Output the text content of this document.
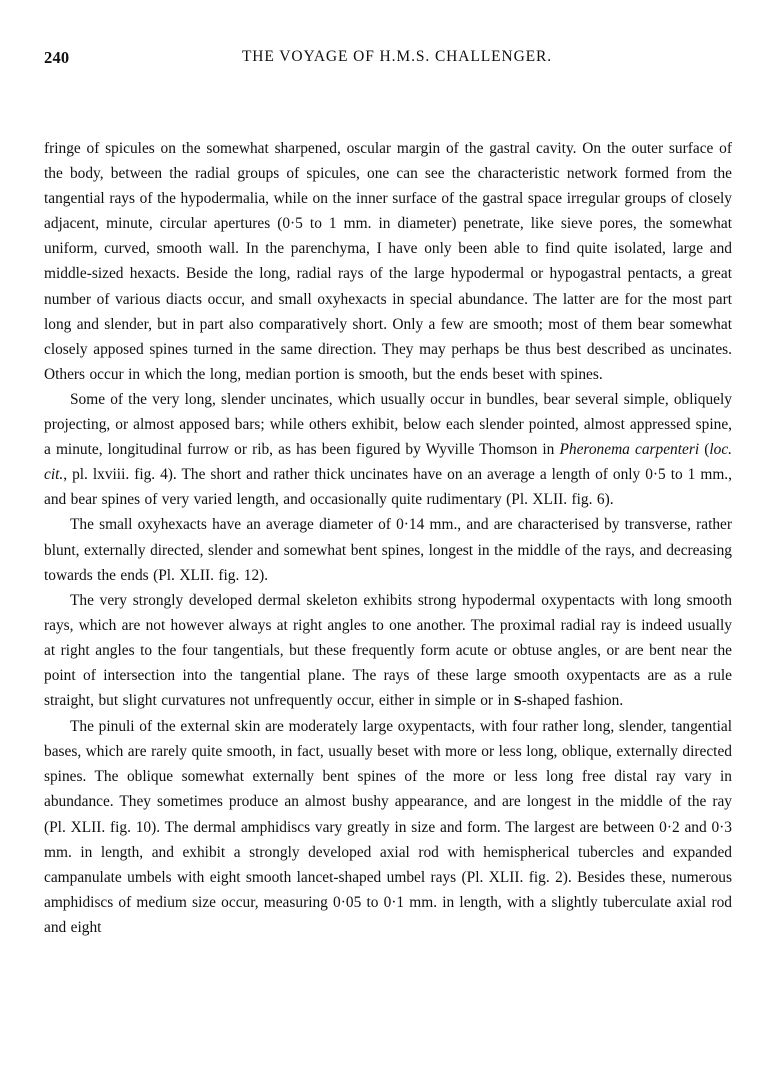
240	THE VOYAGE OF H.M.S. CHALLENGER.

fringe of spicules on the somewhat sharpened, oscular margin of the gastral cavity. On the outer surface of the body, between the radial groups of spicules, one can see the characteristic network formed from the tangential rays of the hypodermalia, while on the inner surface of the gastral space irregular groups of closely adjacent, minute, circular apertures (0·5 to 1 mm. in diameter) penetrate, like sieve pores, the somewhat uniform, curved, smooth wall. In the parenchyma, I have only been able to find quite isolated, large and middle-sized hexacts. Beside the long, radial rays of the large hypodermal or hypogastral pentacts, a great number of various diacts occur, and small oxyhexacts in special abundance. The latter are for the most part long and slender, but in part also comparatively short. Only a few are smooth; most of them bear somewhat closely apposed spines turned in the same direction. They may perhaps be thus best described as uncinates. Others occur in which the long, median portion is smooth, but the ends beset with spines.

Some of the very long, slender uncinates, which usually occur in bundles, bear several simple, obliquely projecting, or almost apposed bars; while others exhibit, below each slender pointed, almost appressed spine, a minute, longitudinal furrow or rib, as has been figured by Wyville Thomson in Pheronema carpenteri (loc. cit., pl. lxviii. fig. 4). The short and rather thick uncinates have on an average a length of only 0·5 to 1 mm., and bear spines of very varied length, and occasionally quite rudimentary (Pl. XLII. fig. 6).

The small oxyhexacts have an average diameter of 0·14 mm., and are characterised by transverse, rather blunt, externally directed, slender and somewhat bent spines, longest in the middle of the rays, and decreasing towards the ends (Pl. XLII. fig. 12).

The very strongly developed dermal skeleton exhibits strong hypodermal oxypentacts with long smooth rays, which are not however always at right angles to one another. The proximal radial ray is indeed usually at right angles to the four tangentials, but these frequently form acute or obtuse angles, or are bent near the point of intersection into the tangential plane. The rays of these large smooth oxypentacts are as a rule straight, but slight curvatures not unfrequently occur, either in simple or in S-shaped fashion.

The pinuli of the external skin are moderately large oxypentacts, with four rather long, slender, tangential bases, which are rarely quite smooth, in fact, usually beset with more or less long, oblique, externally directed spines. The oblique somewhat externally bent spines of the more or less long free distal ray vary in abundance. They sometimes produce an almost bushy appearance, and are longest in the middle of the ray (Pl. XLII. fig. 10). The dermal amphidiscs vary greatly in size and form. The largest are between 0·2 and 0·3 mm. in length, and exhibit a strongly developed axial rod with hemispherical tubercles and expanded campanulate umbels with eight smooth lancet-shaped umbel rays (Pl. XLII. fig. 2). Besides these, numerous amphidiscs of medium size occur, measuring 0·05 to 0·1 mm. in length, with a slightly tuberculate axial rod and eight
